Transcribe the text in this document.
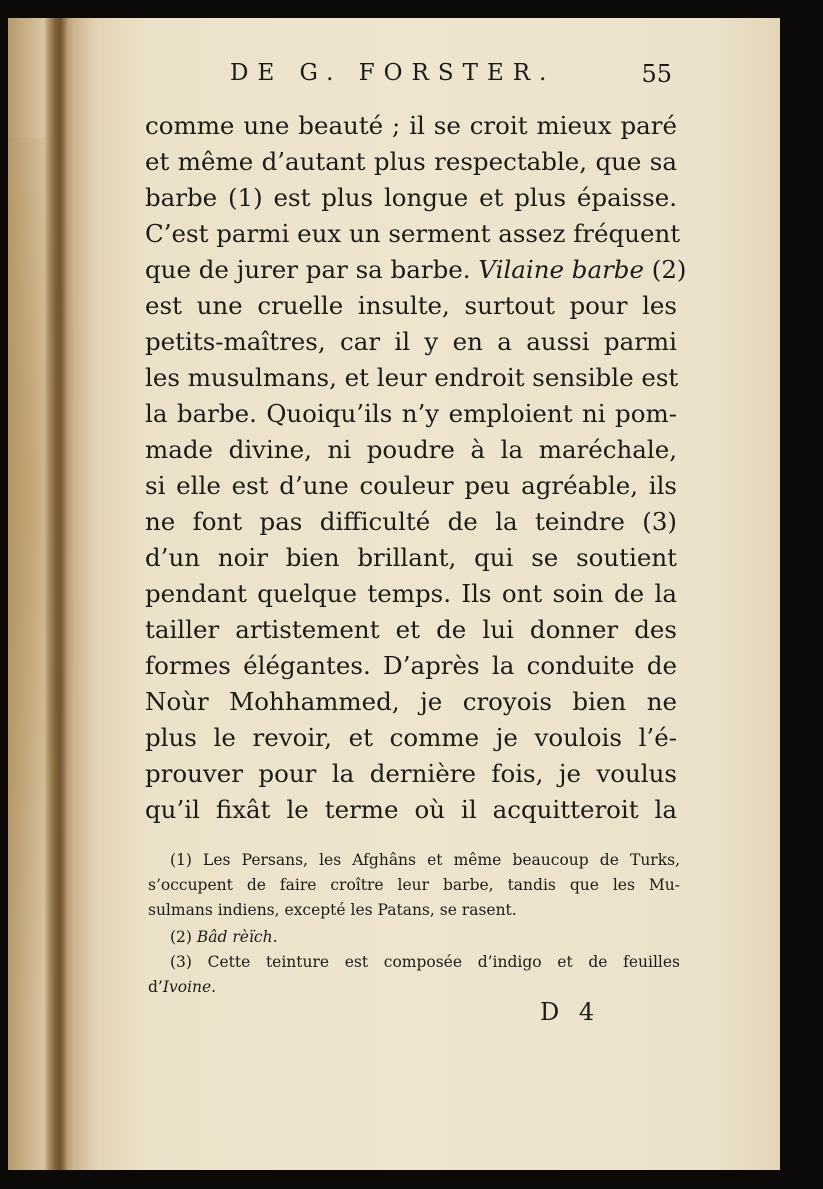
DE G. FORSTER.	55
comme une beauté ; il se croit mieux paré
et même d’autant plus respectable, que sa
barbe (1) est plus longue et plus épaisse.
C’est parmi eux un serment assez fréquent
que de jurer par sa barbe. Vilaine barbe (2)
est une cruelle insulte, surtout pour les
petits-maîtres, car il y en a aussi parmi
les musulmans, et leur endroit sensible est
la barbe. Quoiqu’ils n’y emploient ni pom-
made divine, ni poudre à la maréchale,
si elle est d’une couleur peu agréable, ils
ne font pas difficulté de la teindre (3)
d’un noir bien brillant, qui se soutient
pendant quelque temps. Ils ont soin de la
tailler artistement et de lui donner des
formes élégantes. D’après la conduite de
Noùr Mohhammed, je croyois bien ne
plus le revoir, et comme je voulois l’é-
prouver pour la dernière fois, je voulus
qu’il fixât le terme où il acquitteroit la
(1) Les Persans, les Afghâns et même beaucoup de Turks,
s’occupent de faire croître leur barbe, tandis que les Mu-
sulmans indiens, excepté les Patans, se rasent.
(2) Bâd rèïch.
(3) Cette teinture est composée d’indigo et de feuilles
d’Ivoine.
D 4
